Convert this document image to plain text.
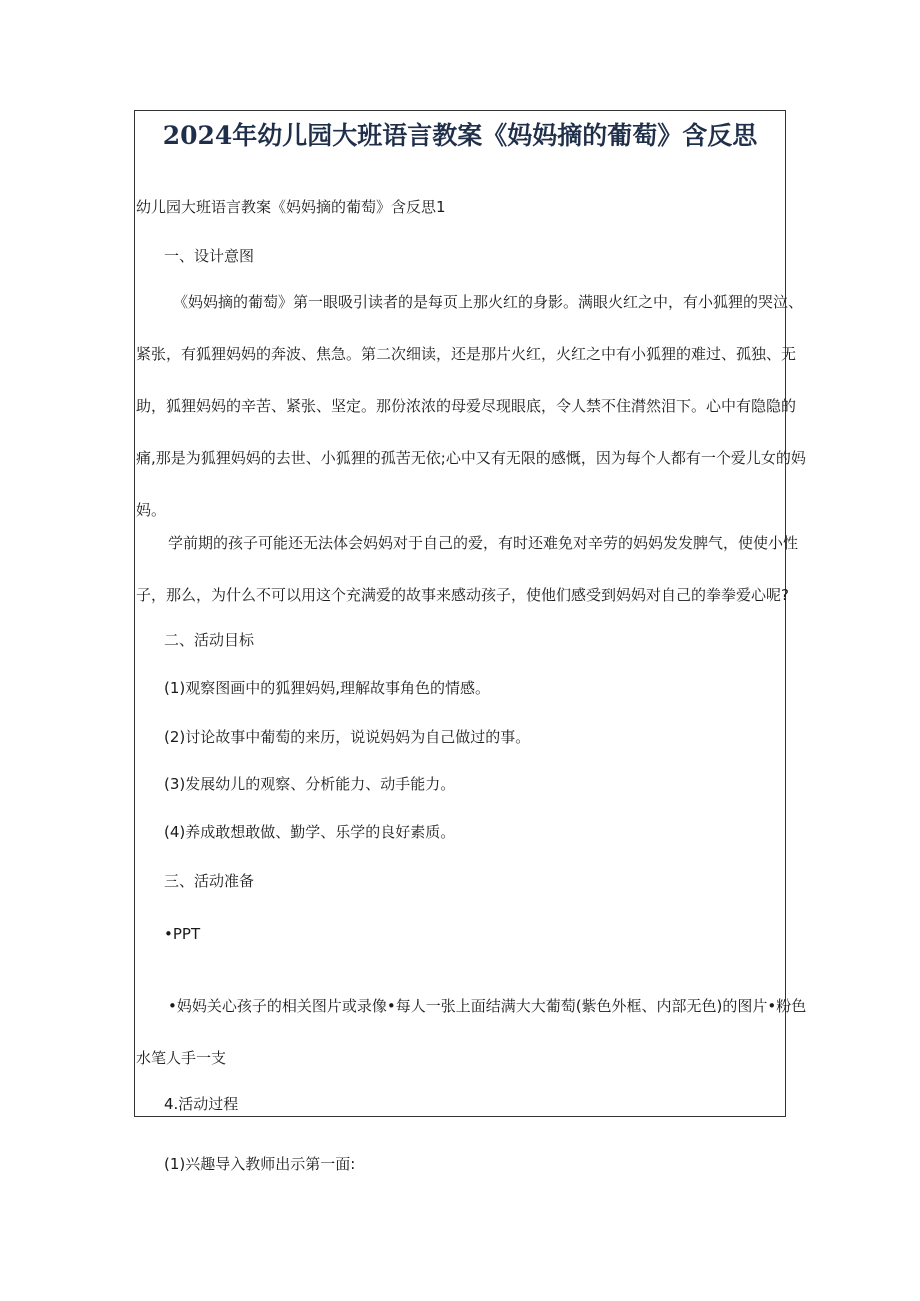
2024年幼儿园大班语言教案《妈妈摘的葡萄》含反思

幼儿园大班语言教案《妈妈摘的葡萄》含反思1

一、设计意图

《妈妈摘的葡萄》第一眼吸引读者的是每页上那火红的身影。满眼火红之中，有小狐狸的哭泣、
紧张，有狐狸妈妈的奔波、焦急。第二次细读，还是那片火红，火红之中有小狐狸的难过、孤独、无
助，狐狸妈妈的辛苦、紧张、坚定。那份浓浓的母爱尽现眼底，令人禁不住潸然泪下。心中有隐隐的
痛,那是为狐狸妈妈的去世、小狐狸的孤苦无依;心中又有无限的感慨，因为每个人都有一个爱儿女的妈
妈。
学前期的孩子可能还无法体会妈妈对于自己的爱，有时还难免对辛劳的妈妈发发脾气，使使小性
子，那么，为什么不可以用这个充满爱的故事来感动孩子，使他们感受到妈妈对自己的拳拳爱心呢?

二、活动目标

(1)观察图画中的狐狸妈妈,理解故事角色的情感。

(2)讨论故事中葡萄的来历，说说妈妈为自己做过的事。

(3)发展幼儿的观察、分析能力、动手能力。

(4)养成敢想敢做、勤学、乐学的良好素质。

三、活动准备

•PPT

•妈妈关心孩子的相关图片或录像•每人一张上面结满大大葡萄(紫色外框、内部无色)的图片•粉色
水笔人手一支

4.活动过程

(1)兴趣导入教师出示第一面:
